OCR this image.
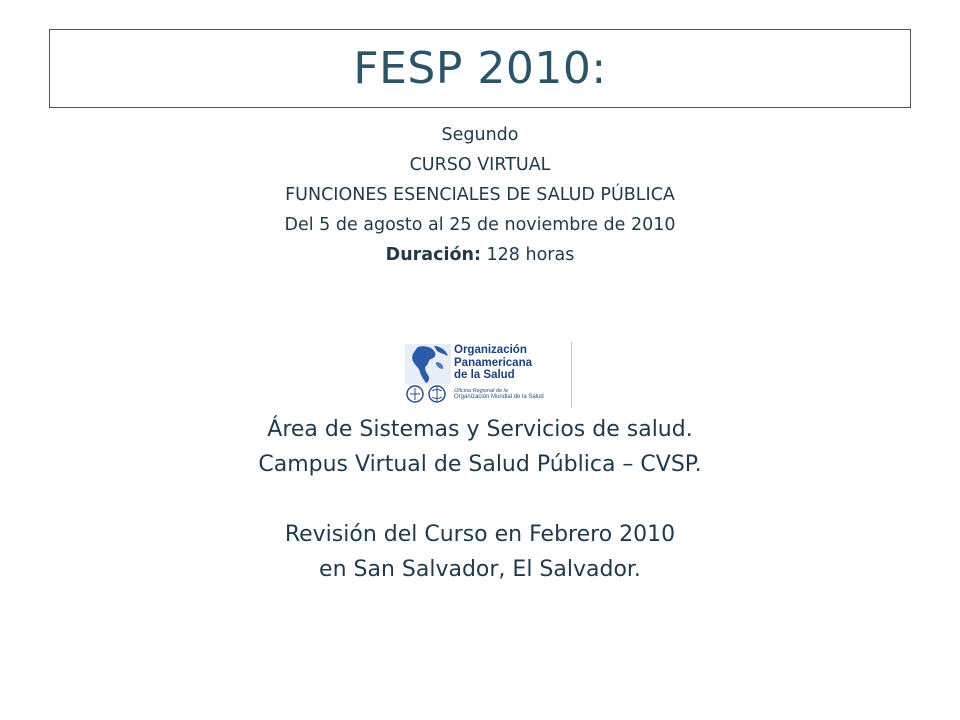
FESP 2010:
Segundo
CURSO VIRTUAL
FUNCIONES ESENCIALES DE SALUD PÚBLICA
Del 5 de agosto al 25 de noviembre de 2010
Duración: 128 horas
Organización
Panamericana
de la Salud
Oficina Regional de la
Organización Mundial de la Salud
Área de Sistemas y Servicios de salud.
Campus Virtual de Salud Pública – CVSP.
Revisión del Curso en Febrero 2010
en San Salvador, El Salvador.
